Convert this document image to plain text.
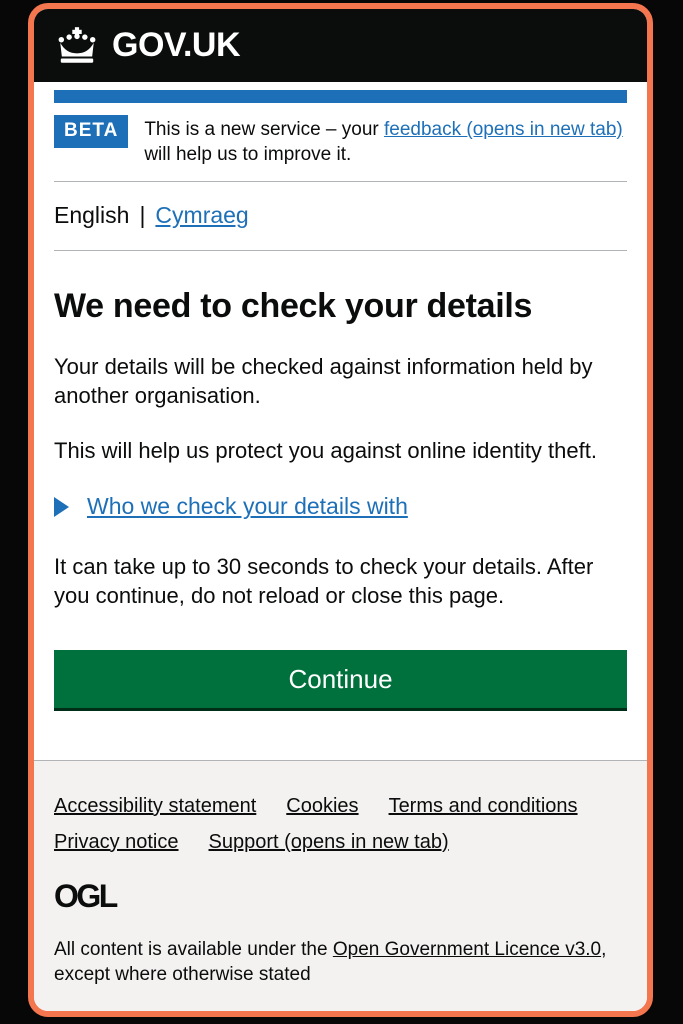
GOV.UK
BETA	This is a new service – your feedback (opens in new tab) will help us to improve it.
English | Cymraeg
We need to check your details

Your details will be checked against information held by another organisation.

This will help us protect you against online identity theft.

Who we check your details with

It can take up to 30 seconds to check your details. After you continue, do not reload or close this page.

Continue
Accessibility statement Cookies Terms and conditions
Privacy notice Support (opens in new tab)
OGL

All content is available under the Open Government Licence v3.0, except where otherwise stated
